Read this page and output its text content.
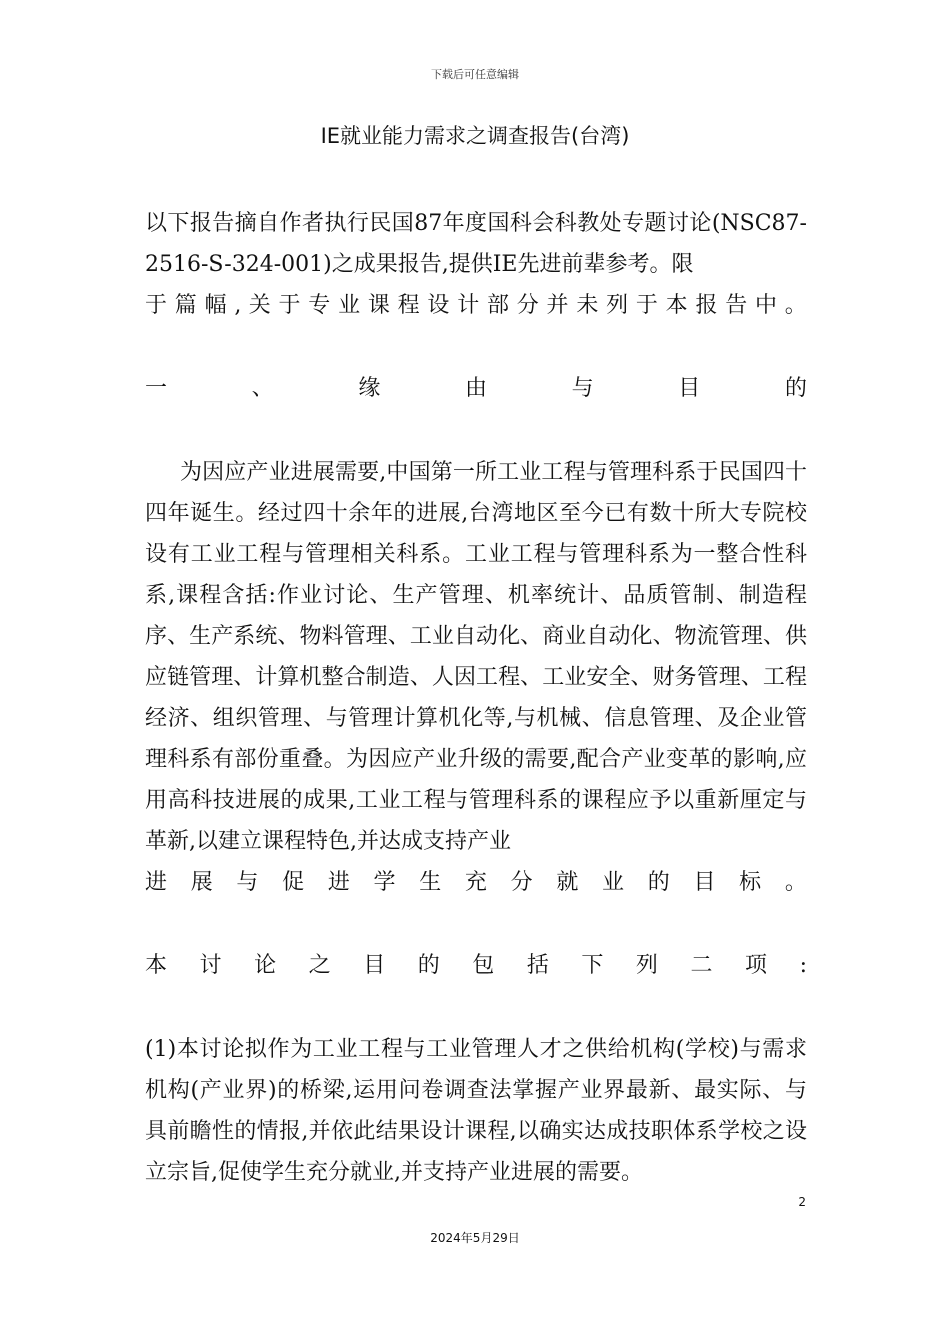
下载后可任意编辑
IE就业能力需求之调查报告(台湾)

以下报告摘自作者执行民国87年度国科会科教处专题讨论(NSC87-2516-S-324-001)之成果报告,提供IE先进前辈参考。限

于 篇 幅 , 关 于 专 业 课 程 设 计 部 分 并 未 列 于 本 报 告 中 。

一 、 缘 由 与 目 的

为因应产业进展需要,中国第一所工业工程与管理科系于民国四十四年诞生。经过四十余年的进展,台湾地区至今已有数十所大专院校设有工业工程与管理相关科系。工业工程与管理科系为一整合性科系,课程含括:作业讨论、生产管理、机率统计、品质管制、制造程序、生产系统、物料管理、工业自动化、商业自动化、物流管理、供应链管理、计算机整合制造、人因工程、工业安全、财务管理、工程经济、组织管理、与管理计算机化等,与机械、信息管理、及企业管理科系有部份重叠。为因应产业升级的需要,配合产业变革的影响,应用高科技进展的成果,工业工程与管理科系的课程应予以重新厘定与革新,以建立课程特色,并达成支持产业

进 展 与 促 进 学 生 充 分 就 业 的 目 标 。

本 讨 论 之 目 的 包 括 下 列 二 项 :

(1)本讨论拟作为工业工程与工业管理人才之供给机构(学校)与需求机构(产业界)的桥梁,运用问卷调查法掌握产业界最新、最实际、与具前瞻性的情报,并依此结果设计课程,以确实达成技职体系学校之设立宗旨,促使学生充分就业,并支持产业进展的需要。

2
2024年5月29日
